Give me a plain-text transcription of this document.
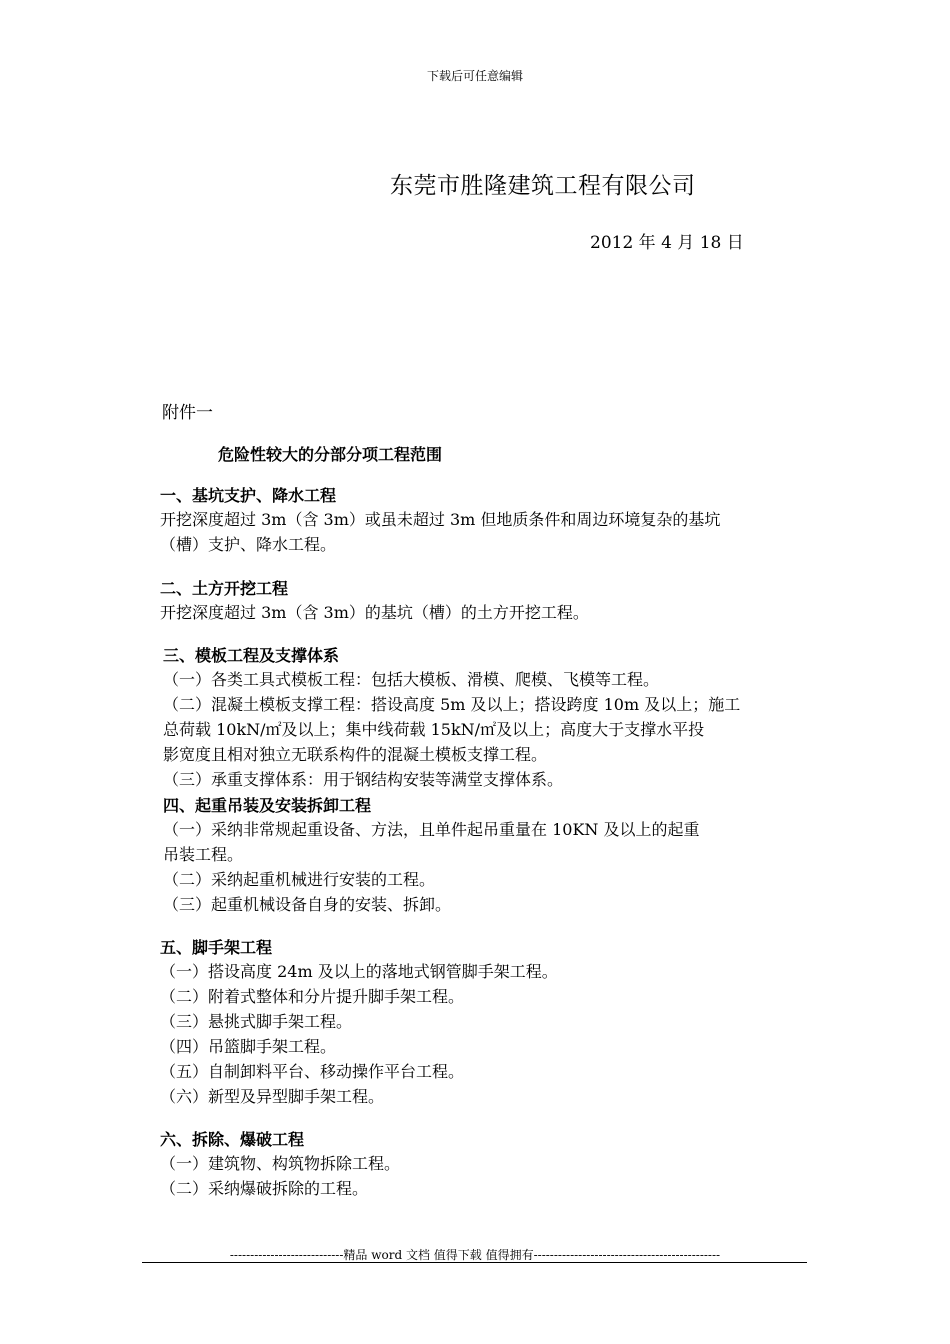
下载后可任意编辑
东莞市胜隆建筑工程有限公司
2012 年 4 月 18 日
附件一
危险性较大的分部分项工程范围
一、基坑支护、降水工程

开挖深度超过 3m（含 3m）或虽未超过 3m 但地质条件和周边环境复杂的基坑

（槽）支护、降水工程。

二、土方开挖工程

开挖深度超过 3m（含 3m）的基坑（槽）的土方开挖工程。

三、模板工程及支撑体系

（一）各类工具式模板工程：包括大模板、滑模、爬模、飞模等工程。

（二）混凝土模板支撑工程：搭设高度 5m 及以上；搭设跨度 10m 及以上；施工

总荷载 10kN/㎡及以上；集中线荷载 15kN/㎡及以上；高度大于支撑水平投

影宽度且相对独立无联系构件的混凝土模板支撑工程。

（三）承重支撑体系：用于钢结构安装等满堂支撑体系。

四、起重吊装及安装拆卸工程

（一）采纳非常规起重设备、方法，且单件起吊重量在 10KN 及以上的起重

吊装工程。

（二）采纳起重机械进行安装的工程。

（三）起重机械设备自身的安装、拆卸。

五、脚手架工程

（一）搭设高度 24m 及以上的落地式钢管脚手架工程。

（二）附着式整体和分片提升脚手架工程。

（三）悬挑式脚手架工程。

（四）吊篮脚手架工程。

（五）自制卸料平台、移动操作平台工程。

（六）新型及异型脚手架工程。

六、拆除、爆破工程

（一）建筑物、构筑物拆除工程。

（二）采纳爆破拆除的工程。

----------------------------精品 word 文档 值得下载 值得拥有----------------------------------------------
